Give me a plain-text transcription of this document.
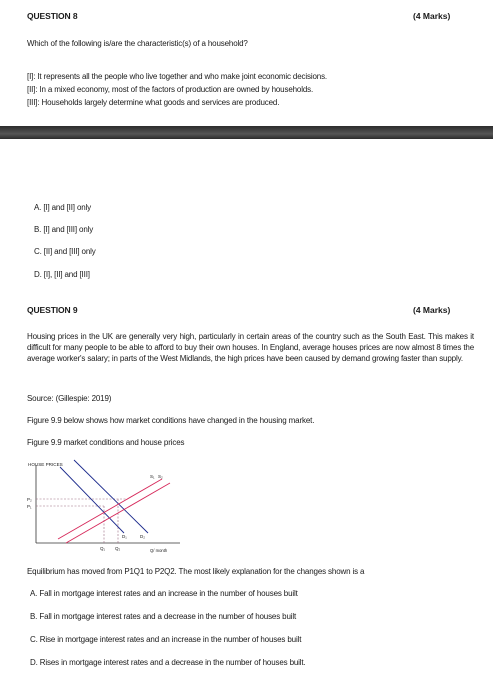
QUESTION 8	(4 Marks)
Which of the following is/are the characteristic(s) of a household?
[I]: It represents all the people who live together and who make joint economic decisions.
[II]: In a mixed economy, most of the factors of production are owned by households.
[III]: Households largely determine what goods and services are produced.
A. [I] and [II] only
B. [I] and [III] only
C. [II] and [III] only
D. [I], [II] and [III]
QUESTION 9	(4 Marks)
Housing prices in the UK are generally very high, particularly in certain areas of the country such as the South East. This makes it difficult for many people to be able to afford to buy their own houses. In England, average houses prices are now almost 8 times the average worker's salary; in parts of the West Midlands, the high prices have been caused by demand growing faster than supply.
Source: (Gillespie: 2019)
Figure 9.9 below shows how market conditions have changed in the housing market.
Figure 9.9 market conditions and house prices
HOUSE PRICES
Q/ month
S₁ S₂
D₁	D₂
P₂
P₁
Q₁ Q₂
Equilibrium has moved from P1Q1 to P2Q2. The most likely explanation for the changes shown is a
A. Fall in mortgage interest rates and an increase in the number of houses built
B. Fall in mortgage interest rates and a decrease in the number of houses built
C. Rise in mortgage interest rates and an increase in the number of houses built
D. Rises in mortgage interest rates and a decrease in the number of houses built.
